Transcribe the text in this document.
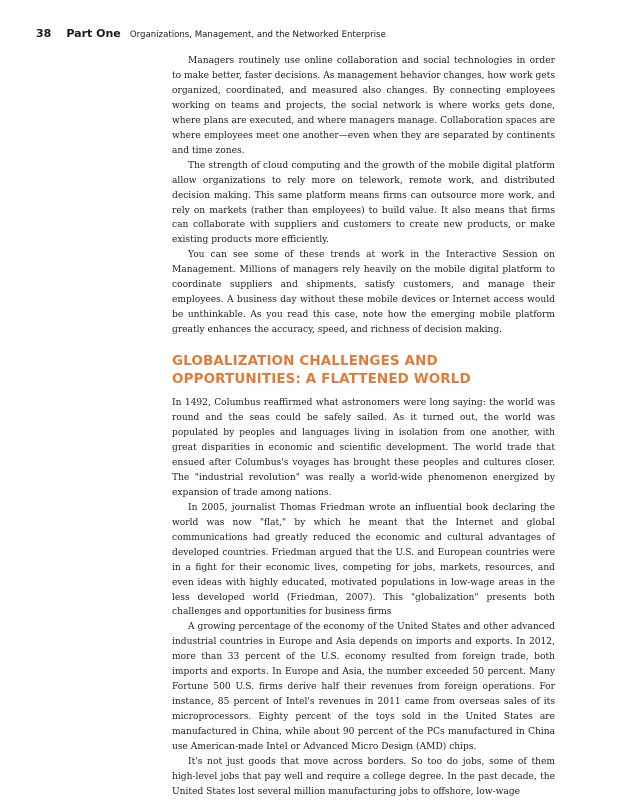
38 Part One Organizations, Management, and the Networked Enterprise

Managers routinely use online collaboration and social technologies in order to make better, faster decisions. As management behavior changes, how work gets organized, coordinated, and measured also changes. By connecting employees working on teams and projects, the social network is where works gets done, where plans are executed, and where managers manage. Collaboration spaces are where employees meet one another—even when they are separated by continents and time zones.

The strength of cloud computing and the growth of the mobile digital platform allow organizations to rely more on telework, remote work, and distributed decision making. This same platform means firms can outsource more work, and rely on markets (rather than employees) to build value. It also means that firms can collaborate with suppliers and customers to create new products, or make existing products more efficiently.

You can see some of these trends at work in the Interactive Session on Management. Millions of managers rely heavily on the mobile digital platform to coordinate suppliers and shipments, satisfy customers, and manage their employees. A business day without these mobile devices or Internet access would be unthinkable. As you read this case, note how the emerging mobile platform greatly enhances the accuracy, speed, and richness of decision making.

GLOBALIZATION CHALLENGES AND OPPORTUNITIES: A FLATTENED WORLD

In 1492, Columbus reaffirmed what astronomers were long saying: the world was round and the seas could be safely sailed. As it turned out, the world was populated by peoples and languages living in isolation from one another, with great disparities in economic and scientific development. The world trade that ensued after Columbus's voyages has brought these peoples and cultures closer. The "industrial revolution" was really a world-wide phenomenon energized by expansion of trade among nations.

In 2005, journalist Thomas Friedman wrote an influential book declaring the world was now "flat," by which he meant that the Internet and global communications had greatly reduced the economic and cultural advantages of developed countries. Friedman argued that the U.S. and European countries were in a fight for their economic lives, competing for jobs, markets, resources, and even ideas with highly educated, motivated populations in low-wage areas in the less developed world (Friedman, 2007). This "globalization" presents both challenges and opportunities for business firms

A growing percentage of the economy of the United States and other advanced industrial countries in Europe and Asia depends on imports and exports. In 2012, more than 33 percent of the U.S. economy resulted from foreign trade, both imports and exports. In Europe and Asia, the number exceeded 50 percent. Many Fortune 500 U.S. firms derive half their revenues from foreign operations. For instance, 85 percent of Intel's revenues in 2011 came from overseas sales of its microprocessors. Eighty percent of the toys sold in the United States are manufactured in China, while about 90 percent of the PCs manufactured in China use American-made Intel or Advanced Micro Design (AMD) chips.

It's not just goods that move across borders. So too do jobs, some of them high-level jobs that pay well and require a college degree. In the past decade, the United States lost several million manufacturing jobs to offshore, low-wage
